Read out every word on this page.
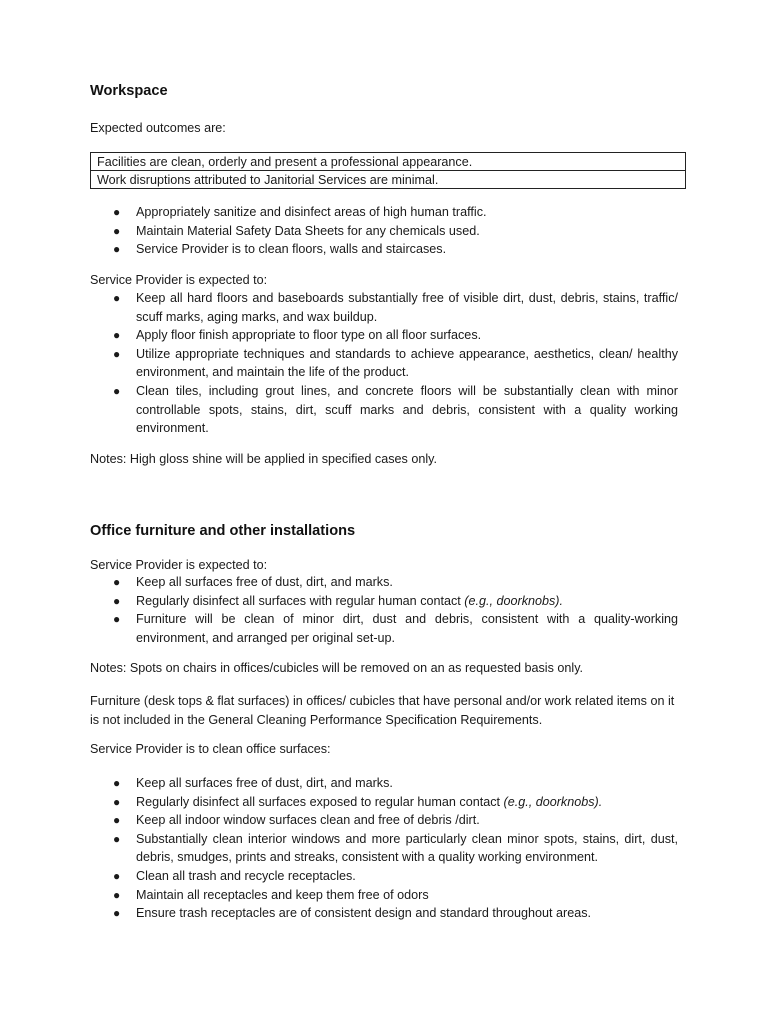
Workspace

Expected outcomes are:

Facilities are clean, orderly and present a professional appearance.
Work disruptions attributed to Janitorial Services are minimal.
● Appropriately sanitize and disinfect areas of high human traffic.
● Maintain Material Safety Data Sheets for any chemicals used.
● Service Provider is to clean floors, walls and staircases.

Service Provider is expected to:

● Keep all hard floors and baseboards substantially free of visible dirt, dust, debris, stains, traffic/ scuff marks, aging marks, and wax buildup.
● Apply floor finish appropriate to floor type on all floor surfaces.
● Utilize appropriate techniques and standards to achieve appearance, aesthetics, clean/ healthy environment, and maintain the life of the product.
● Clean tiles, including grout lines, and concrete floors will be substantially clean with minor controllable spots, stains, dirt, scuff marks and debris, consistent with a quality working environment.

Notes: High gloss shine will be applied in specified cases only.

Office furniture and other installations

Service Provider is expected to:

● Keep all surfaces free of dust, dirt, and marks.
● Regularly disinfect all surfaces with regular human contact (e.g., doorknobs).
● Furniture will be clean of minor dirt, dust and debris, consistent with a quality-working environment, and arranged per original set-up.

Notes: Spots on chairs in offices/cubicles will be removed on an as requested basis only.

Furniture (desk tops & flat surfaces) in offices/ cubicles that have personal and/or work related items on it is not included in the General Cleaning Performance Specification Requirements.

Service Provider is to clean office surfaces:

● Keep all surfaces free of dust, dirt, and marks.
● Regularly disinfect all surfaces exposed to regular human contact (e.g., doorknobs).
● Keep all indoor window surfaces clean and free of debris /dirt.
● Substantially clean interior windows and more particularly clean minor spots, stains, dirt, dust, debris, smudges, prints and streaks, consistent with a quality working environment.
● Clean all trash and recycle receptacles.
● Maintain all receptacles and keep them free of odors
● Ensure trash receptacles are of consistent design and standard throughout areas.
